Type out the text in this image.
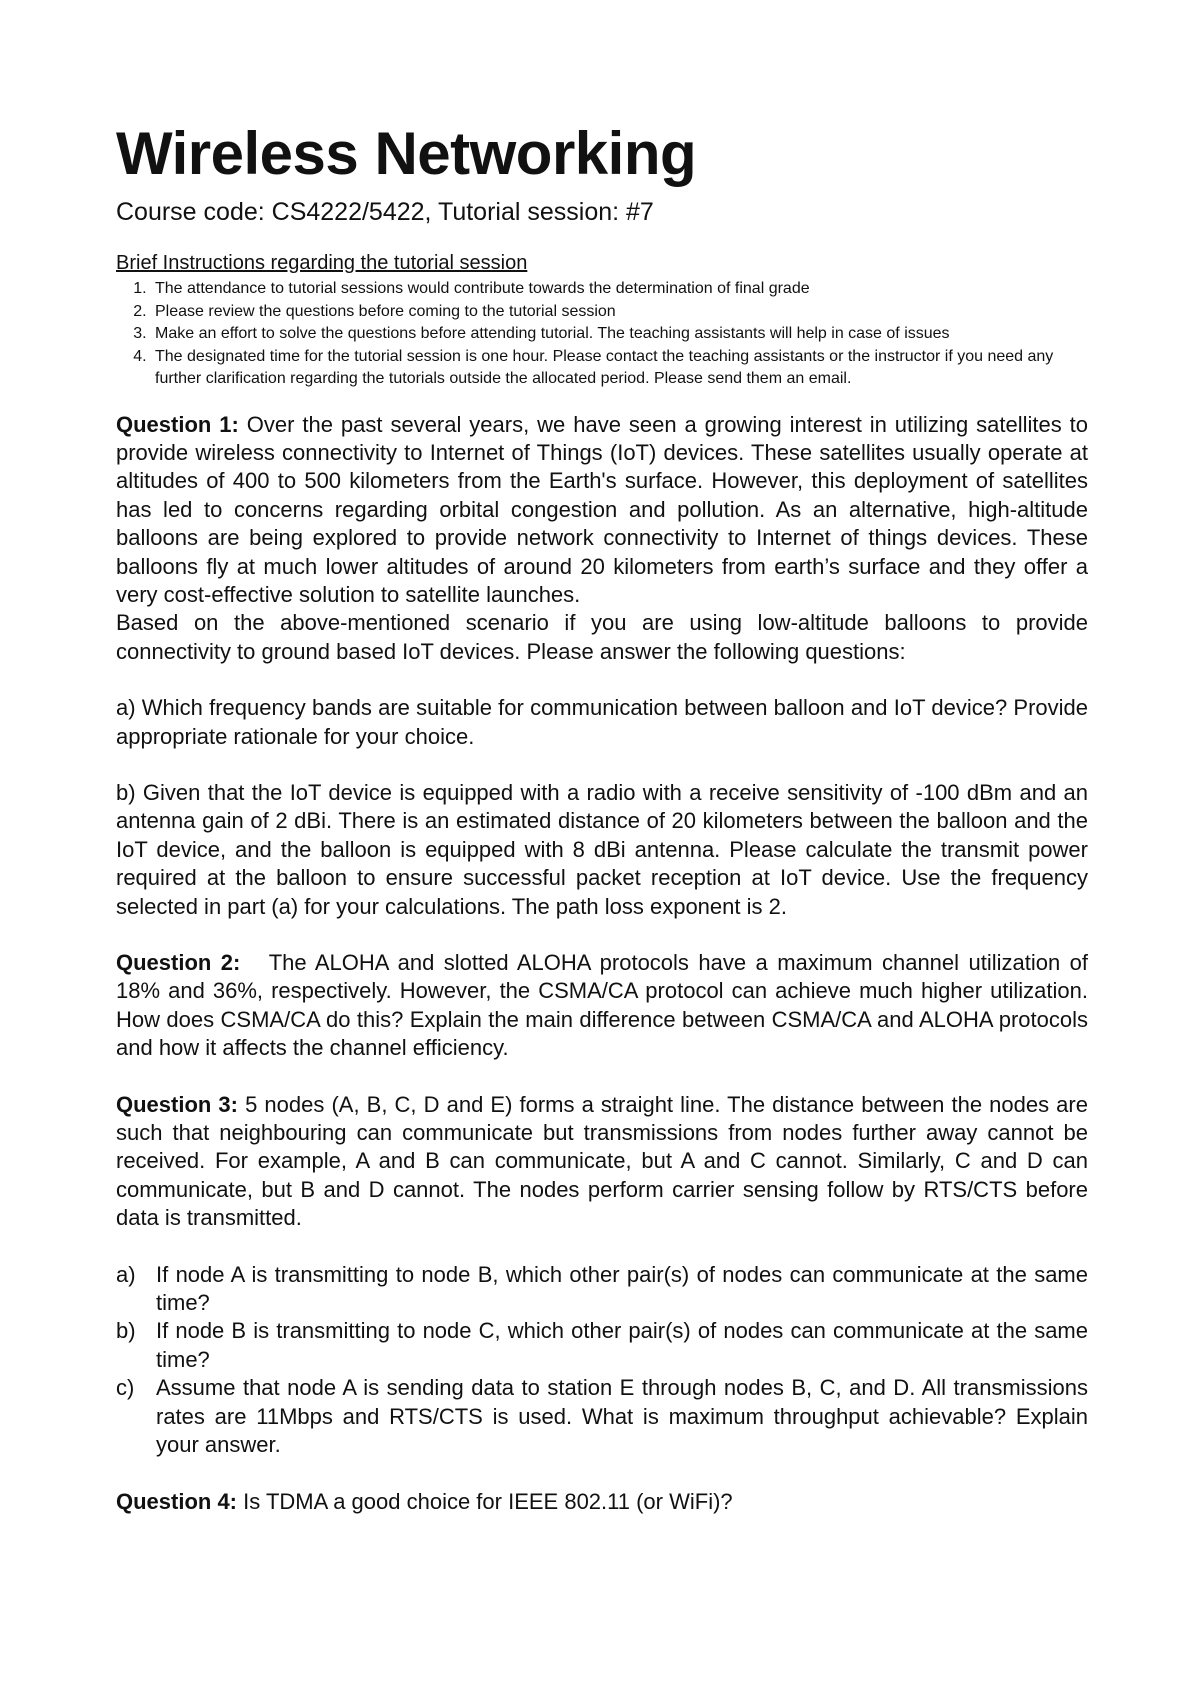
Wireless Networking

Course code: CS4222/5422, Tutorial session: #7

Brief Instructions regarding the tutorial session

1. The attendance to tutorial sessions would contribute towards the determination of final grade
2. Please review the questions before coming to the tutorial session
3. Make an effort to solve the questions before attending tutorial. The teaching assistants will help in case of issues
4. The designated time for the tutorial session is one hour. Please contact the teaching assistants or the instructor if you need any further clarification regarding the tutorials outside the allocated period. Please send them an email.

Question 1: Over the past several years, we have seen a growing interest in utilizing satellites to provide wireless connectivity to Internet of Things (IoT) devices. These satellites usually operate at altitudes of 400 to 500 kilometers from the Earth's surface. However, this deployment of satellites has led to concerns regarding orbital congestion and pollution. As an alternative, high-altitude balloons are being explored to provide network connectivity to Internet of things devices. These balloons fly at much lower altitudes of around 20 kilometers from earth’s surface and they offer a very cost-effective solution to satellite launches.

Based on the above-mentioned scenario if you are using low-altitude balloons to provide connectivity to ground based IoT devices. Please answer the following questions:

a) Which frequency bands are suitable for communication between balloon and IoT device? Provide appropriate rationale for your choice.

b) Given that the IoT device is equipped with a radio with a receive sensitivity of -100 dBm and an antenna gain of 2 dBi. There is an estimated distance of 20 kilometers between the balloon and the IoT device, and the balloon is equipped with 8 dBi antenna. Please calculate the transmit power required at the balloon to ensure successful packet reception at IoT device. Use the frequency selected in part (a) for your calculations. The path loss exponent is 2.

Question 2: The ALOHA and slotted ALOHA protocols have a maximum channel utilization of 18% and 36%, respectively. However, the CSMA/CA protocol can achieve much higher utilization. How does CSMA/CA do this? Explain the main difference between CSMA/CA and ALOHA protocols and how it affects the channel efficiency.

Question 3: 5 nodes (A, B, C, D and E) forms a straight line. The distance between the nodes are such that neighbouring can communicate but transmissions from nodes further away cannot be received. For example, A and B can communicate, but A and C cannot. Similarly, C and D can communicate, but B and D cannot. The nodes perform carrier sensing follow by RTS/CTS before data is transmitted.

a) If node A is transmitting to node B, which other pair(s) of nodes can communicate at the same time?
b) If node B is transmitting to node C, which other pair(s) of nodes can communicate at the same time?
c) Assume that node A is sending data to station E through nodes B, C, and D. All transmissions rates are 11Mbps and RTS/CTS is used. What is maximum throughput achievable? Explain your answer.

Question 4: Is TDMA a good choice for IEEE 802.11 (or WiFi)?
